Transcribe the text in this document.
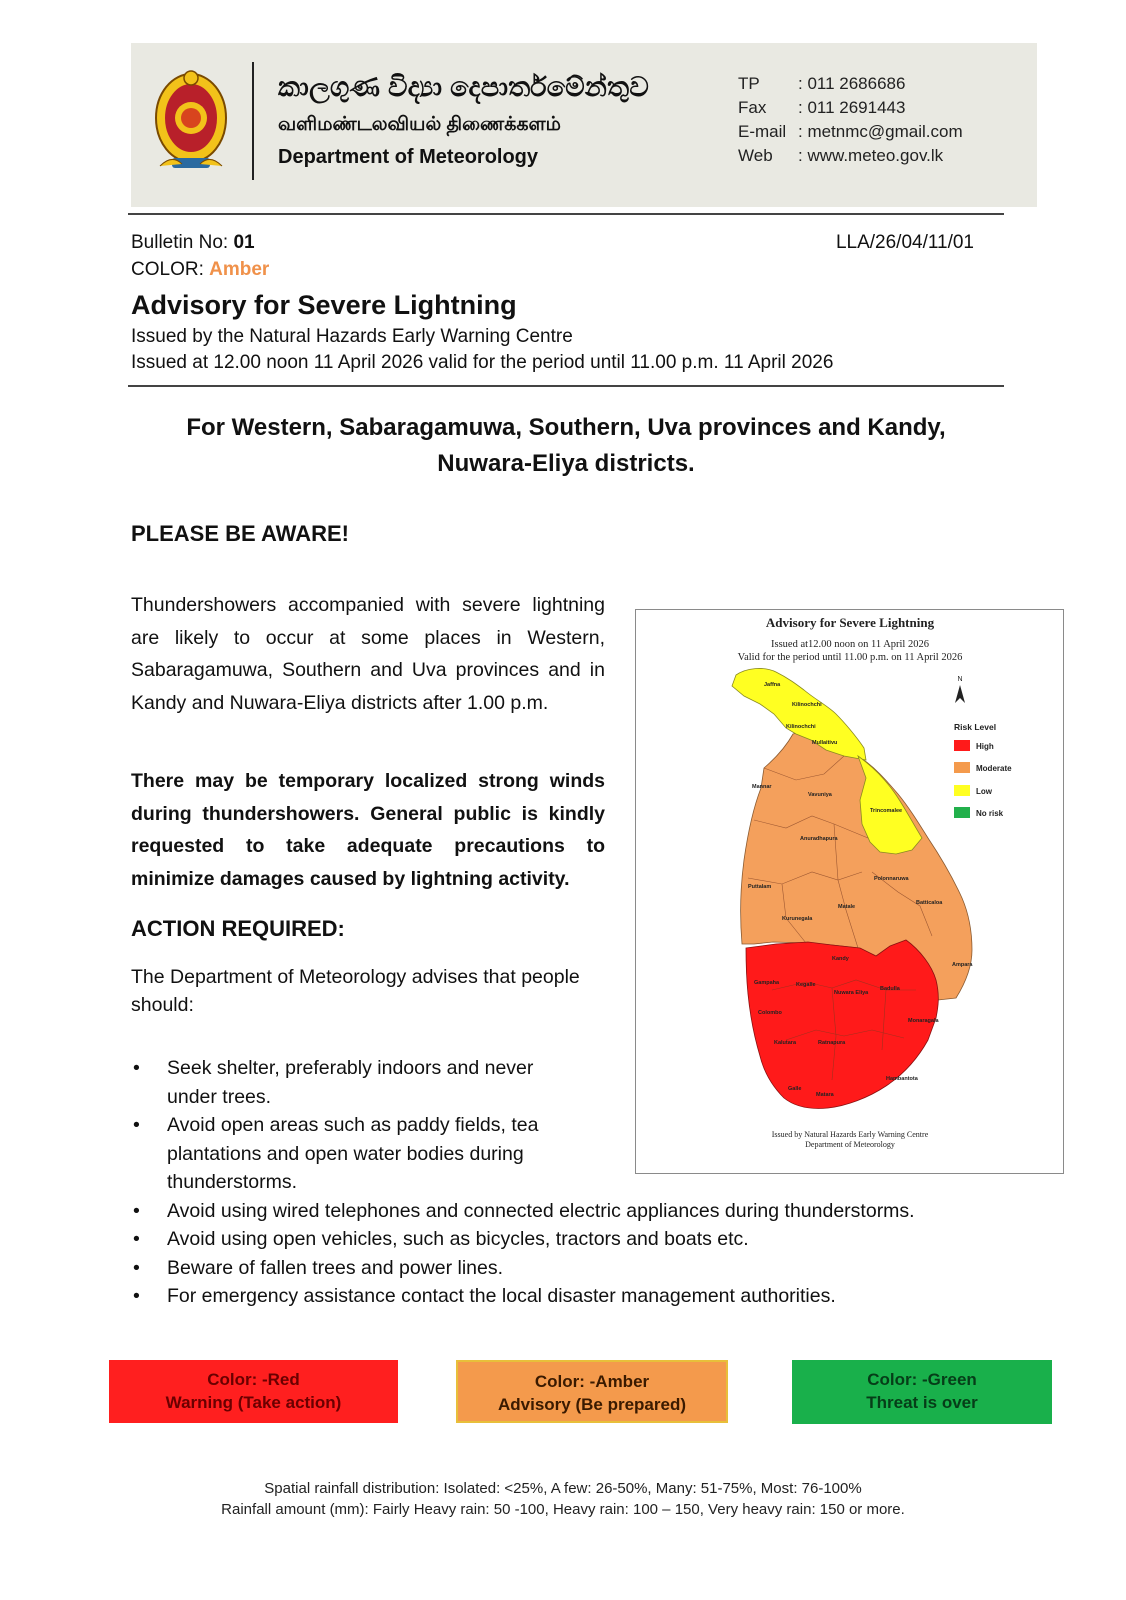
කාලගුණ විද්‍යා දෙපාර්තමේන්තුව
வளிமண்டலவியல் திணைக்களம்
Department of Meteorology
TP	: 011 2686686
Fax	: 011 2691443
E-mail : metnmc@gmail.com
Web	: www.meteo.gov.lk
Bulletin No: 01	LLA/26/04/11/01
COLOR: Amber
Advisory for Severe Lightning
Issued by the Natural Hazards Early Warning Centre
Issued at 12.00 noon 11 April 2026 valid for the period until 11.00 p.m. 11 April 2026
For Western, Sabaragamuwa, Southern, Uva provinces and Kandy,
Nuwara-Eliya districts.
PLEASE BE AWARE!
Thundershowers accompanied with severe lightning are likely to occur at some places in Western, Sabaragamuwa, Southern and Uva provinces and in Kandy and Nuwara-Eliya districts after 1.00 p.m.
There may be temporary localized strong winds during thundershowers. General public is kindly requested to take adequate precautions to minimize damages caused by lightning activity.
ACTION REQUIRED:
The Department of Meteorology advises that people should:
• Seek shelter, preferably indoors and never under trees.
• Avoid open areas such as paddy fields, tea plantations and open water bodies during thunderstorms.
• Avoid using wired telephones and connected electric appliances during thunderstorms.
• Avoid using open vehicles, such as bicycles, tractors and boats etc.
• Beware of fallen trees and power lines.
• For emergency assistance contact the local disaster management authorities.
Advisory for Severe Lightning
Issued at12.00 noon on 11 April 2026
Valid for the period until 11.00 p.m. on 11 April 2026
Jaffna
Kilinochchi
Kilinochchi
Mullaitivu
Mannar
Vavuniya
Trincomalee
Anuradhapura
Polonnaruwa
Puttalam
Batticaloa
Matale
Kurunegala
Ampara
Kandy
Gampaha	Kegalle
Nuwara Eliya
Badulla
Colombo
Monaragala
Kalutara	Ratnapura
Hambantota
Galle
Matara
N
Risk Level
High
Moderate
Low
No risk
Issued by Natural Hazards Early Warning Centre
Department of Meteorology
Color: -Red
Warning (Take action)
Color: -Amber
Advisory (Be prepared)
Color: -Green
Threat is over
Spatial rainfall distribution: Isolated: <25%, A few: 26-50%, Many: 51-75%, Most: 76-100%
Rainfall amount (mm): Fairly Heavy rain: 50 -100, Heavy rain: 100 – 150, Very heavy rain: 150 or more.
